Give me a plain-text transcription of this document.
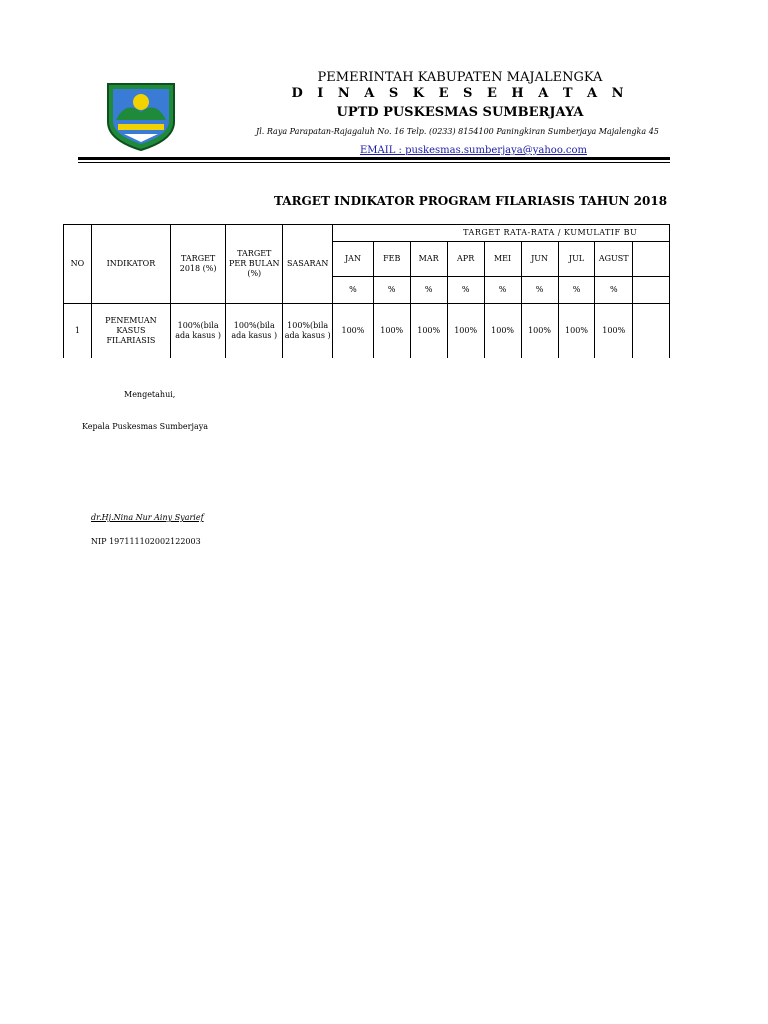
PEMERINTAH KABUPATEN MAJALENGKA
D I N A S K E S E H A T A N
UPTD PUSKESMAS SUMBERJAYA
Jl. Raya Parapatan-Rajagaluh No. 16 Telp. (0233) 8154100 Paningkiran Sumberjaya Majalengka 45
EMAIL : puskesmas.sumberjaya@yahoo.com
TARGET INDIKATOR PROGRAM FILARIASIS TAHUN 2018
NO	INDIKATOR	TARGET 2018 (%)	TARGET PER BULAN (%)	SASARAN	TARGET RATA-RATA / KUMULATIF BU								
					JAN	FEB	MAR	APR	MEI	JUN	JUL	AGUST	
					%	%	%	%	%	%	%	%	
1	PENEMUAN KASUS FILARIASIS	100%(bila ada kasus )	100%(bila ada kasus )	100%(bila ada kasus )	100%	100%	100%	100%	100%	100%	100%	100%	
Mengetahui,
Kepala Puskesmas Sumberjaya
dr.Hj.Nina Nur Ainy Syarief
NIP 197111102002122003
